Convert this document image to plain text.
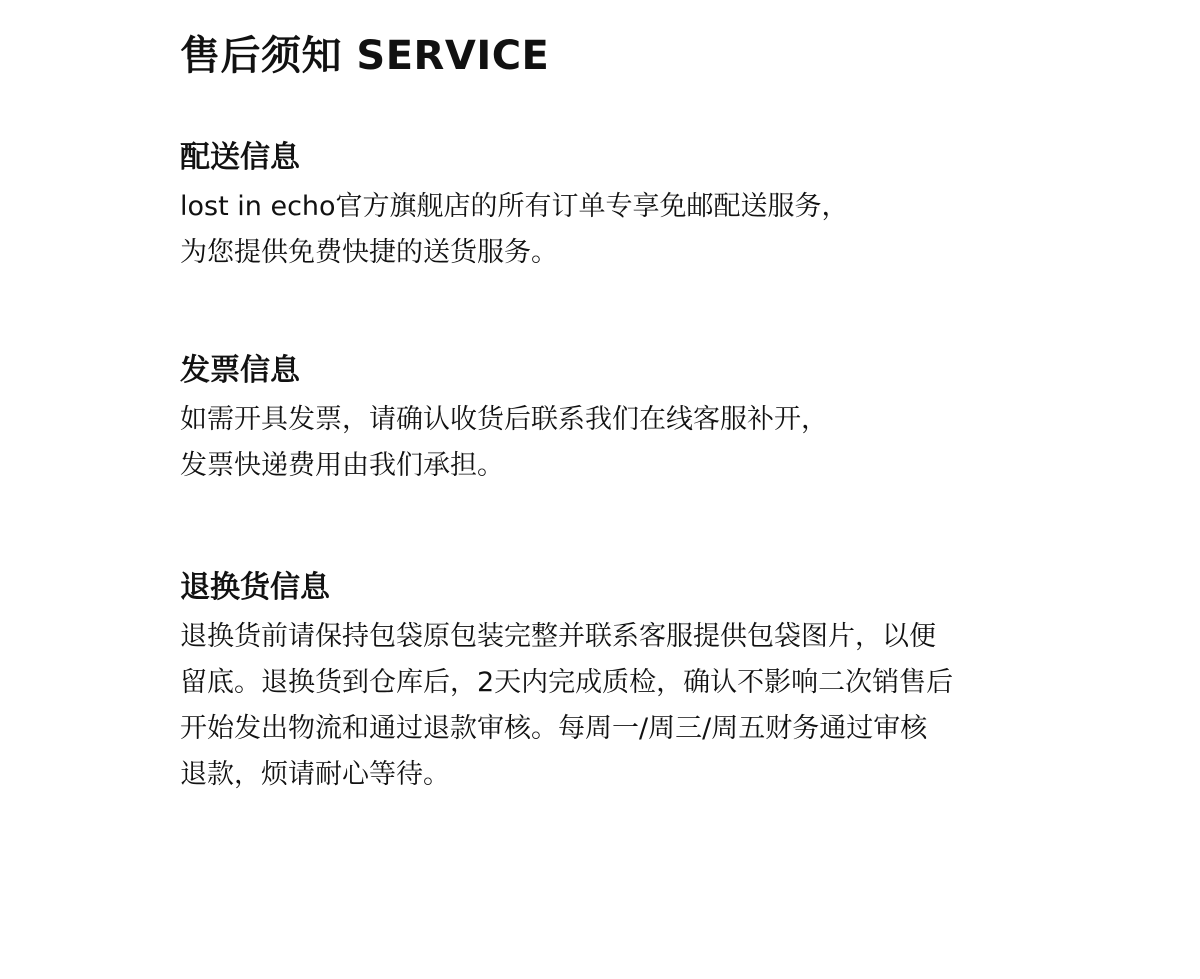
售后须知 SERVICE
配送信息

lost in echo官方旗舰店的所有订单专享免邮配送服务，
为您提供免费快捷的送货服务。

发票信息

如需开具发票，请确认收货后联系我们在线客服补开，
发票快递费用由我们承担。

退换货信息

退换货前请保持包袋原包装完整并联系客服提供包袋图片，以便
留底。退换货到仓库后，2天内完成质检，确认不影响二次销售后
开始发出物流和通过退款审核。每周一/周三/周五财务通过审核
退款，烦请耐心等待。
